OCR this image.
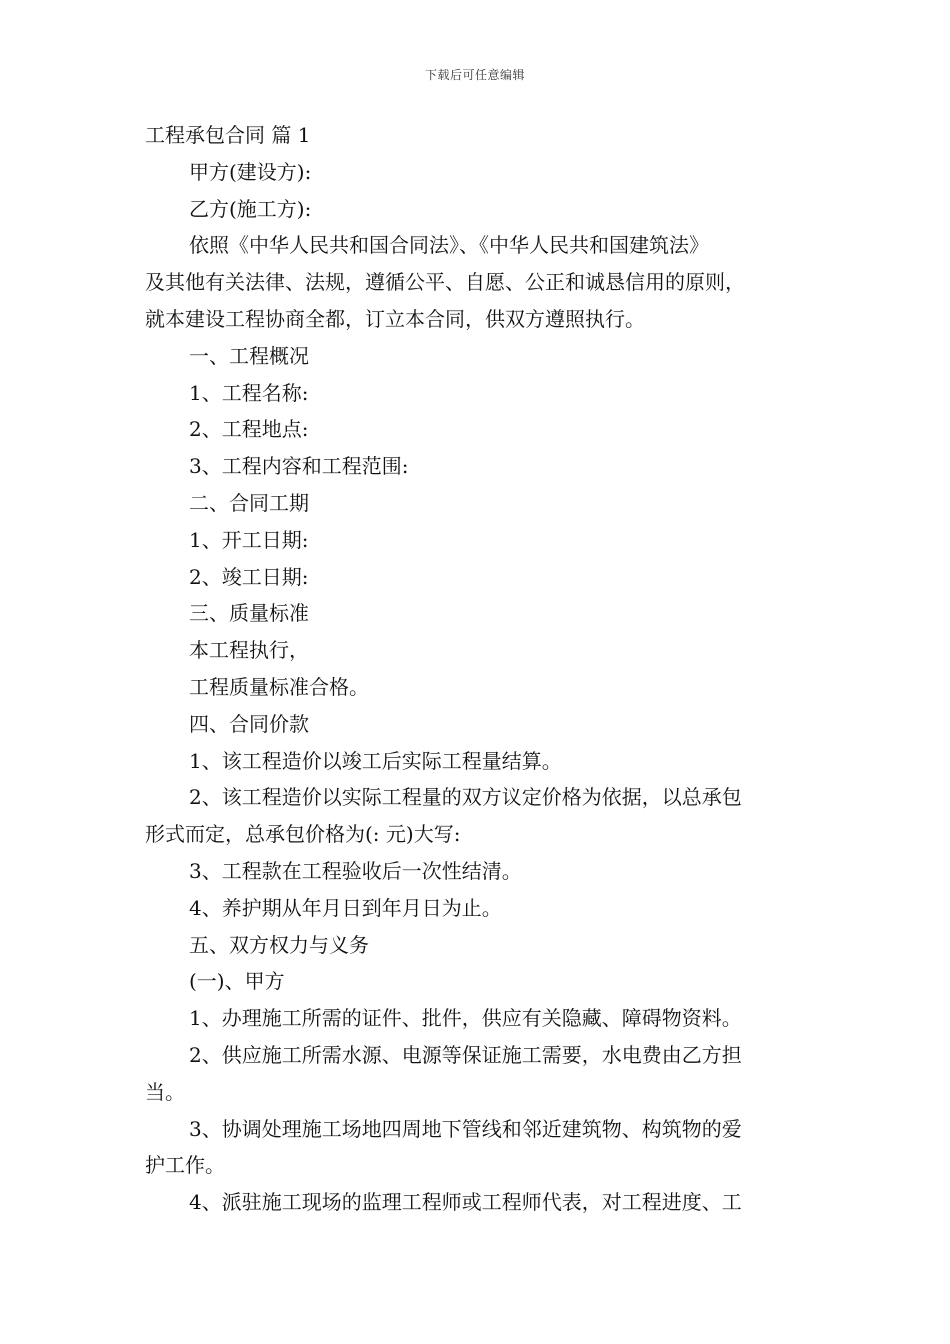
下载后可任意编辑
工程承包合同 篇 1
甲方(建设方):
乙方(施工方):
依照《中华人民共和国合同法》、《中华人民共和国建筑法》
及其他有关法律、法规，遵循公平、自愿、公正和诚恳信用的原则，
就本建设工程协商全都，订立本合同，供双方遵照执行。
一、工程概况
1、工程名称:
2、工程地点:
3、工程内容和工程范围:
二、合同工期
1、开工日期:
2、竣工日期:
三、质量标准
本工程执行，
工程质量标准合格。
四、合同价款
1、该工程造价以竣工后实际工程量结算。
2、该工程造价以实际工程量的双方议定价格为依据，以总承包
形式而定，总承包价格为(: 元)大写:
3、工程款在工程验收后一次性结清。
4、养护期从年月日到年月日为止。
五、双方权力与义务
(一)、甲方
1、办理施工所需的证件、批件，供应有关隐藏、障碍物资料。
2、供应施工所需水源、电源等保证施工需要，水电费由乙方担
当。
3、协调处理施工场地四周地下管线和邻近建筑物、构筑物的爱
护工作。
4、派驻施工现场的监理工程师或工程师代表，对工程进度、工
